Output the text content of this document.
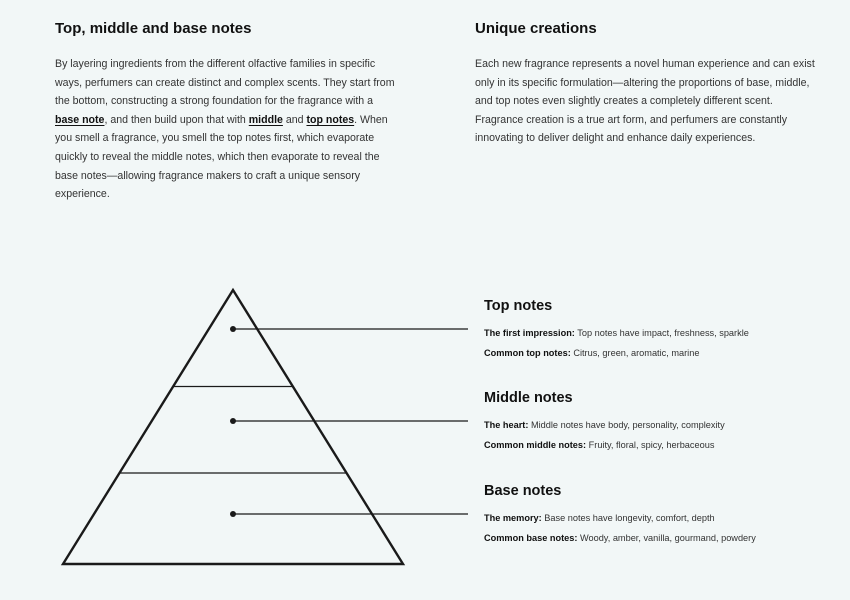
Top, middle and base notes

By layering ingredients from the different olfactive families in specific ways, perfumers can create distinct and complex scents. They start from the bottom, constructing a strong foundation for the fragrance with a base note, and then build upon that with middle and top notes. When you smell a fragrance, you smell the top notes first, which evaporate quickly to reveal the middle notes, which then evaporate to reveal the base notes—allowing fragrance makers to craft a unique sensory experience.

Unique creations

Each new fragrance represents a novel human experience and can exist only in its specific formulation—altering the proportions of base, middle, and top notes even slightly creates a completely different scent. Fragrance creation is a true art form, and perfumers are constantly innovating to deliver delight and enhance daily experiences.

Top notes
The first impression: Top notes have impact, freshness, sparkle
Common top notes: Citrus, green, aromatic, marine
Middle notes
The heart: Middle notes have body, personality, complexity
Common middle notes: Fruity, floral, spicy, herbaceous
Base notes
The memory: Base notes have longevity, comfort, depth
Common base notes: Woody, amber, vanilla, gourmand, powdery
